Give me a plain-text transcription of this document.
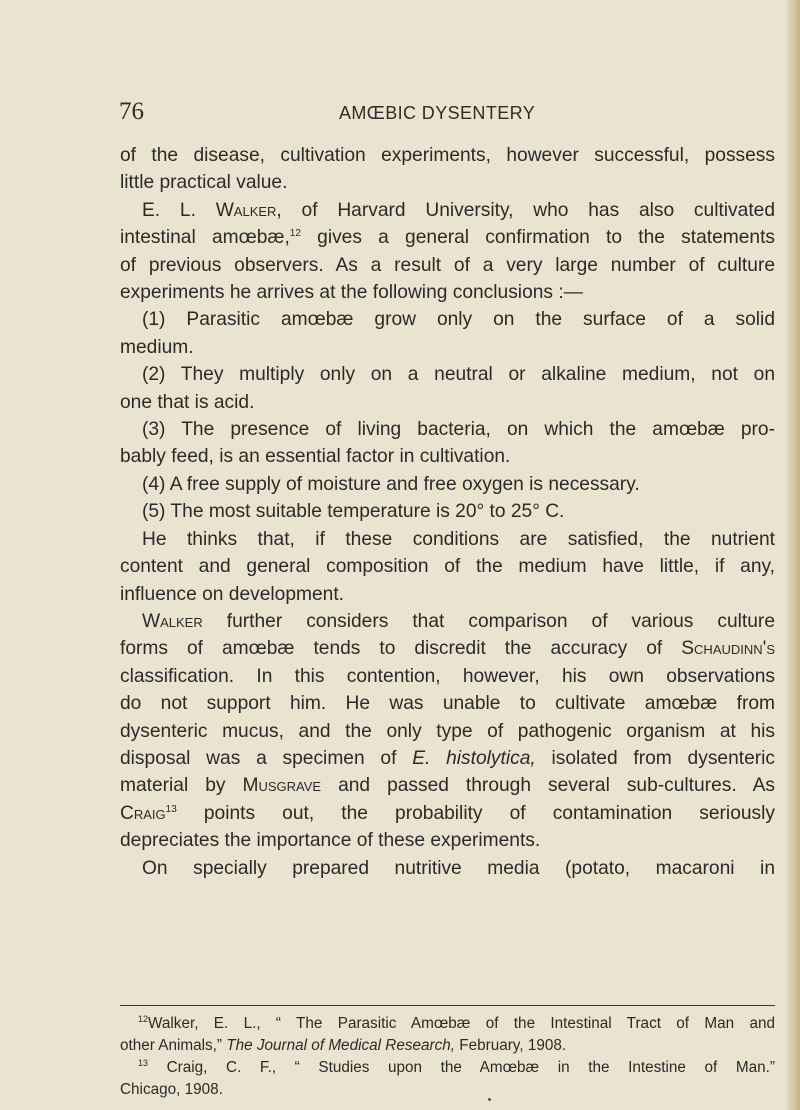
76	AMŒBIC DYSENTERY
of the disease, cultivation experiments, however successful, possess
little practical value.
E. L. Walker, of Harvard University, who has also cultivated
intestinal amœbæ,$^{12}$ gives a general confirmation to the statements
of previous observers. As a result of a very large number of culture
experiments he arrives at the following conclusions :—
(1) Parasitic amœbæ grow only on the surface of a solid
medium.
(2) They multiply only on a neutral or alkaline medium, not on
one that is acid.
(3) The presence of living bacteria, on which the amœbæ pro-
bably feed, is an essential factor in cultivation.
(4) A free supply of moisture and free oxygen is necessary.
(5) The most suitable temperature is 20° to 25° C.
He thinks that, if these conditions are satisfied, the nutrient
content and general composition of the medium have little, if any,
influence on development.
Walker further considers that comparison of various culture
forms of amœbæ tends to discredit the accuracy of Schaudinn's
classification. In this contention, however, his own observations
do not support him. He was unable to cultivate amœbæ from
dysenteric mucus, and the only type of pathogenic organism at his
disposal was a specimen of E. histolytica, isolated from dysenteric
material by Musgrave and passed through several sub-cultures. As
Craig$^{13}$ points out, the probability of contamination seriously
depreciates the importance of these experiments.
On specially prepared nutritive media (potato, macaroni in
$^{12}$Walker, E. L., “ The Parasitic Amœbæ of the Intestinal Tract of Man and
other Animals,” The Journal of Medical Research, February, 1908.
$^{13}$ Craig, C. F., “ Studies upon the Amœbæ in the Intestine of Man.”
Chicago, 1908.
